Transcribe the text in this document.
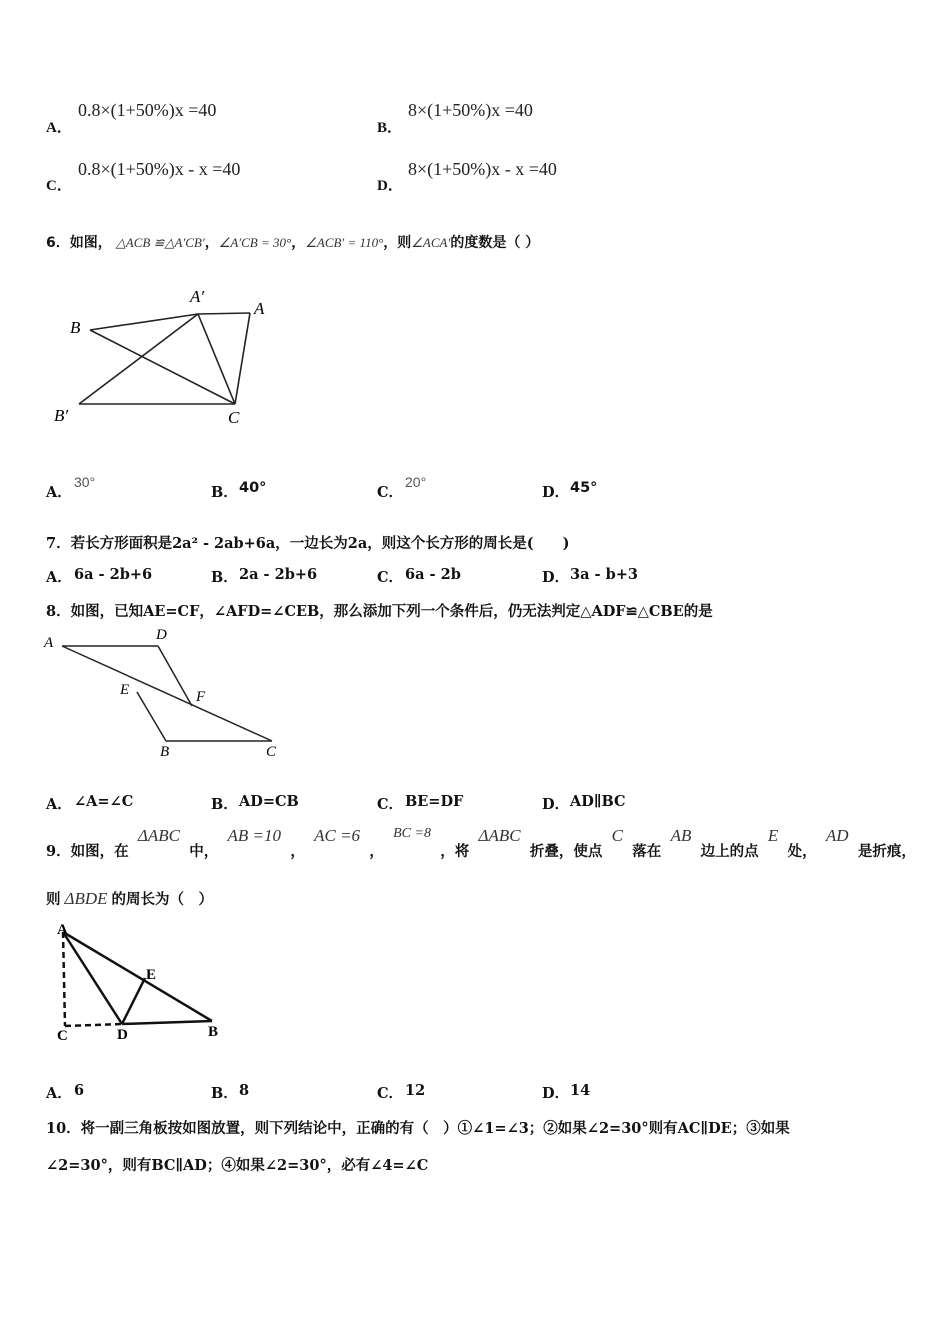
A．
0.8×(1+50%)x =40
B．
8×(1+50%)x =40
C．
0.8×(1+50%)x - x =40
D．
8×(1+50%)x - x =40
6．如图， △ACB ≌△A′CB′ ， ∠A′CB = 30° ， ∠ACB′ = 110° ，则 ∠ACA′ 的度数是（ ）
B
A′
A
B′	C
A．
30°
B． 40°	C．
20°
D． 45°
7．若长方形面积是2a² - 2ab+6a，一边长为2a，则这个长方形的周长是(　　)
A． 6a - 2b+6	B． 2a - 2b+6	C． 6a - 2b	D． 3a - b+3
8．如图，已知AE=CF，∠AFD=∠CEB，那么添加下列一个条件后，仍无法判定△ADF≌△CBE的是
A	D
E	F
B	C
A． ∠A=∠C	B． AD=CB	C． BE=DF	D． AD∥BC
9．如图，在
ΔABC
中，
AB =10
，
AC =6
，
BC =8
，将
ΔABC
折叠，使点
C
落在
AB
边上的点
E
处，
AD
是折痕，
则 ΔBDE 的周长为（　）
A
E
C	D	B
A． 6	B． 8	C． 12	D． 14
10．将一副三角板按如图放置，则下列结论中，正确的有（　）①∠1=∠3；②如果∠2=30°则有AC∥DE；③如果
∠2=30°，则有BC∥AD；④如果∠2=30°，必有∠4=∠C
